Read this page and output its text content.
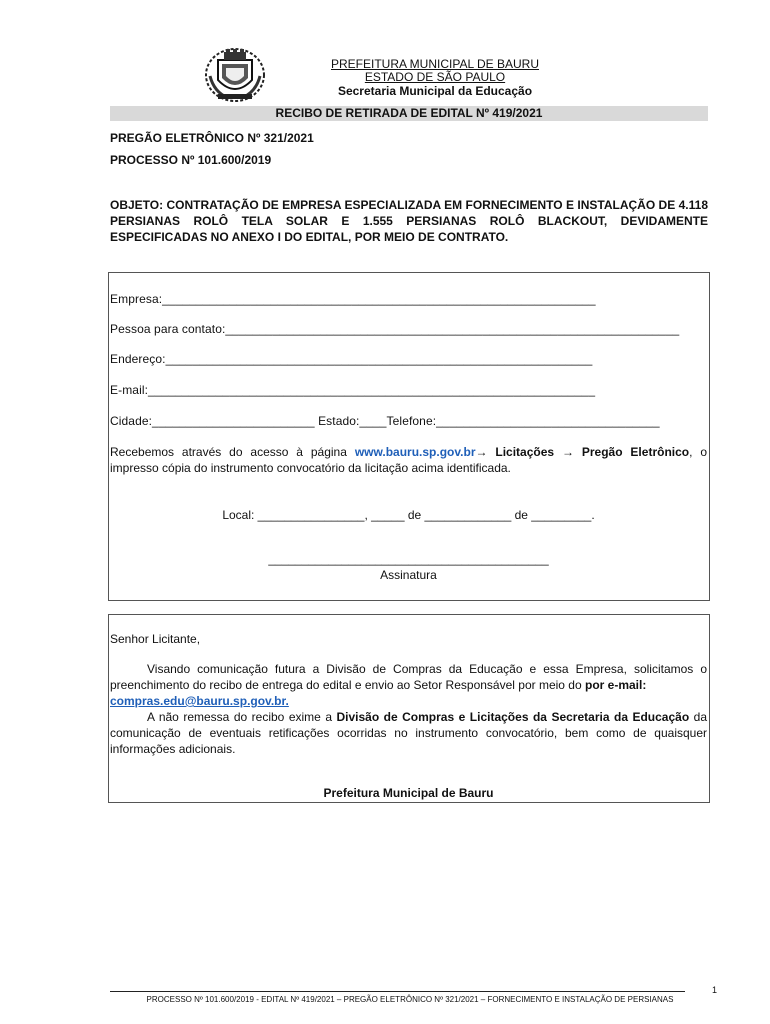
PREFEITURA MUNICIPAL DE BAURU
ESTADO DE SÃO PAULO
Secretaria Municipal da Educação
RECIBO DE RETIRADA DE EDITAL Nº 419/2021
PREGÃO ELETRÔNICO Nº 321/2021
PROCESSO Nº 101.600/2019
OBJETO: CONTRATAÇÃO DE EMPRESA ESPECIALIZADA EM FORNECIMENTO E INSTALAÇÃO DE 4.118 PERSIANAS ROLÔ TELA SOLAR E 1.555 PERSIANAS ROLÔ BLACKOUT, DEVIDAMENTE ESPECIFICADAS NO ANEXO I DO EDITAL, POR MEIO DE CONTRATO.
Empresa:________________________________________________________________
Pessoa para contato:___________________________________________________________________
Endereço:_______________________________________________________________
E-mail:__________________________________________________________________
Cidade:________________________ Estado:____Telefone:_________________________________
Recebemos através do acesso à página www.bauru.sp.gov.br→ Licitações → Pregão Eletrônico, o impresso cópia do instrumento convocatório da licitação acima identificada.
Local: ________________, _____ de _____________ de _________.
__________________________________________
Assinatura
Senhor Licitante,
Visando comunicação futura a Divisão de Compras da Educação e essa Empresa, solicitamos o preenchimento do recibo de entrega do edital e envio ao Setor Responsável por meio do por e-mail:
compras.edu@bauru.sp.gov.br.
A não remessa do recibo exime a Divisão de Compras e Licitações da Secretaria da Educação da comunicação de eventuais retificações ocorridas no instrumento convocatório, bem como de quaisquer informações adicionais.
Prefeitura Municipal de Bauru
1
PROCESSO Nº 101.600/2019 - EDITAL Nº 419/2021 – PREGÃO ELETRÔNICO Nº 321/2021 – FORNECIMENTO E INSTALAÇÃO DE PERSIANAS
